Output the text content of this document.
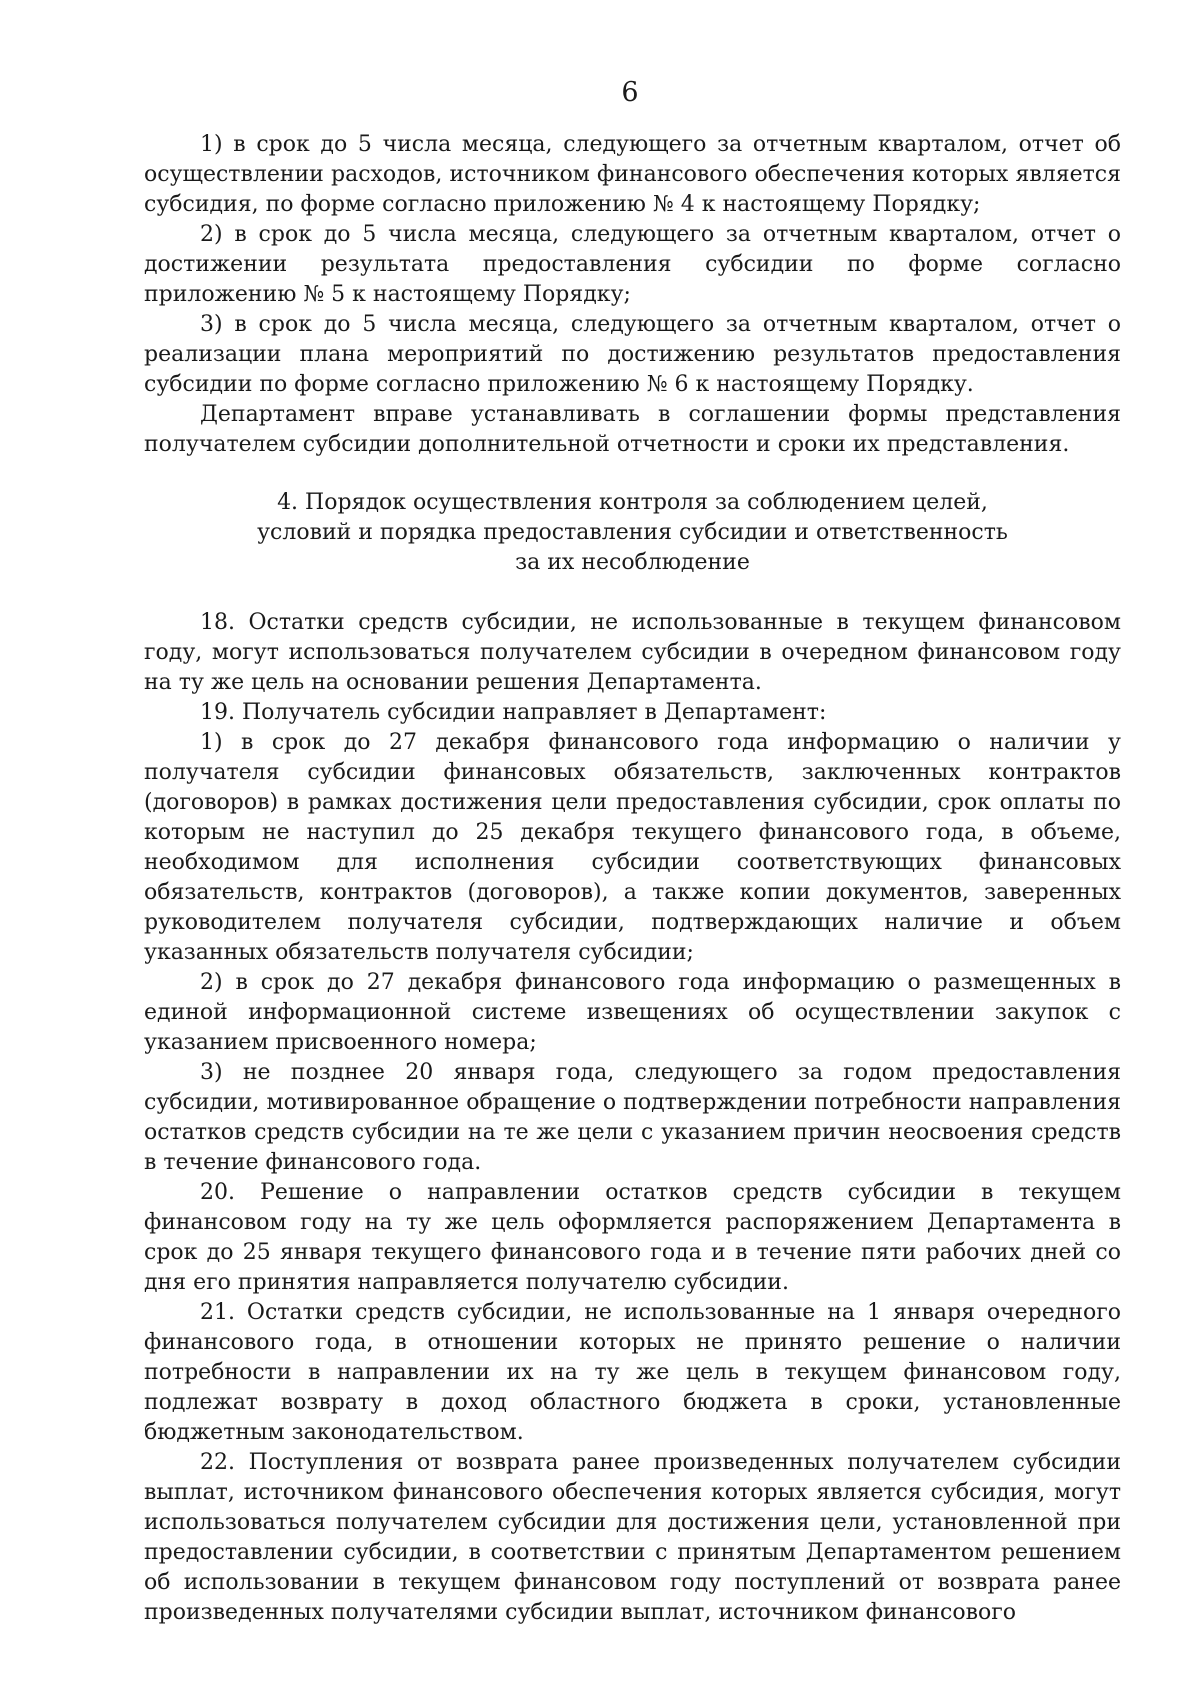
6

1) в срок до 5 числа месяца, следующего за отчетным кварталом, отчет об осуществлении расходов, источником финансового обеспечения которых является субсидия, по форме согласно приложению № 4 к настоящему Порядку;

2) в срок до 5 числа месяца, следующего за отчетным кварталом, отчет о достижении результата предоставления субсидии по форме согласно приложению № 5 к настоящему Порядку;

3) в срок до 5 числа месяца, следующего за отчетным кварталом, отчет о реализации плана мероприятий по достижению результатов предоставления субсидии по форме согласно приложению № 6 к настоящему Порядку.

Департамент вправе устанавливать в соглашении формы представления получателем субсидии дополнительной отчетности и сроки их представления.

4. Порядок осуществления контроля за соблюдением целей,
условий и порядка предоставления субсидии и ответственность
за их несоблюдение

18. Остатки средств субсидии, не использованные в текущем финансовом году, могут использоваться получателем субсидии в очередном финансовом году на ту же цель на основании решения Департамента.

19. Получатель субсидии направляет в Департамент:

1) в срок до 27 декабря финансового года информацию о наличии у получателя субсидии финансовых обязательств, заключенных контрактов (договоров) в рамках достижения цели предоставления субсидии, срок оплаты по которым не наступил до 25 декабря текущего финансового года, в объеме, необходимом для исполнения субсидии соответствующих финансовых обязательств, контрактов (договоров), а также копии документов, заверенных руководителем получателя субсидии, подтверждающих наличие и объем указанных обязательств получателя субсидии;

2) в срок до 27 декабря финансового года информацию о размещенных в единой информационной системе извещениях об осуществлении закупок с указанием присвоенного номера;

3) не позднее 20 января года, следующего за годом предоставления субсидии, мотивированное обращение о подтверждении потребности направления остатков средств субсидии на те же цели с указанием причин неосвоения средств в течение финансового года.

20. Решение о направлении остатков средств субсидии в текущем финансовом году на ту же цель оформляется распоряжением Департамента в срок до 25 января текущего финансового года и в течение пяти рабочих дней со дня его принятия направляется получателю субсидии.

21. Остатки средств субсидии, не использованные на 1 января очередного финансового года, в отношении которых не принято решение о наличии потребности в направлении их на ту же цель в текущем финансовом году, подлежат возврату в доход областного бюджета в сроки, установленные бюджетным законодательством.

22. Поступления от возврата ранее произведенных получателем субсидии выплат, источником финансового обеспечения которых является субсидия, могут использоваться получателем субсидии для достижения цели, установленной при предоставлении субсидии, в соответствии с принятым Департаментом решением об использовании в текущем финансовом году поступлений от возврата ранее произведенных получателями субсидии выплат, источником финансового
